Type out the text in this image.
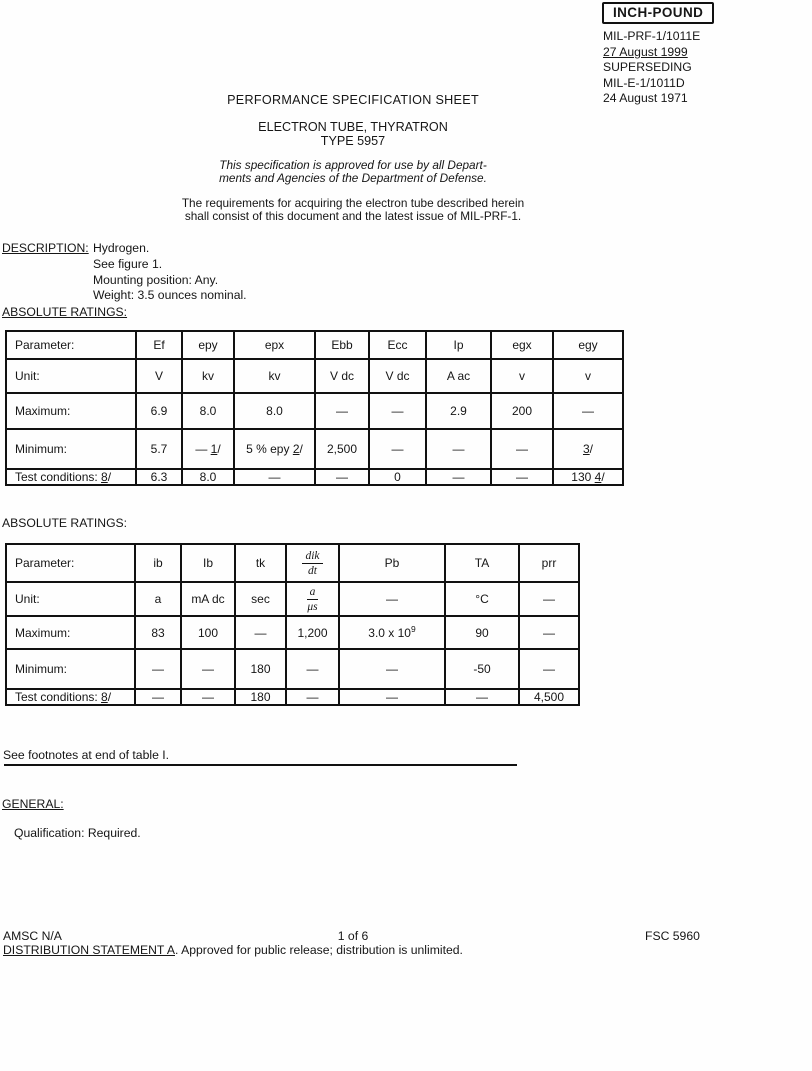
INCH-POUND
MIL-PRF-1/1011E
27 August 1999
SUPERSEDING
MIL-E-1/1011D
24 August 1971
PERFORMANCE SPECIFICATION SHEET
ELECTRON TUBE, THYRATRON
TYPE 5957
This specification is approved for use by all Depart-
ments and Agencies of the Department of Defense.
The requirements for acquiring the electron tube described herein
shall consist of this document and the latest issue of MIL-PRF-1.
DESCRIPTION: Hydrogen.
See figure 1.
Mounting position: Any.
Weight: 3.5 ounces nominal.
ABSOLUTE RATINGS:
Parameter:	Ef	epy	epx	Ebb	Ecc	Ip	egx	egy
Unit:	V	kv	kv	V dc	V dc	A ac	v	v
Maximum:	6.9	8.0	8.0	—	—	2.9	200	—
Minimum:	5.7	— 1/	5 % epy 2/	2,500	—	—	—	3/
Test conditions: 8/	6.3	8.0	—	—	0	—	—	130 4/
ABSOLUTE RATINGS:
Parameter:	ib	Ib	tk	$\frac{\text{dik}}{dt}$	Pb	TA	prr
Unit:	a	mA dc	sec	$\frac{a}{\mu s}$	—	°C	—
Maximum:	83	100	—	1,200	3.0 x $10^9$	90	—
Minimum:	—	—	180	—	—	-50	—
Test conditions: 8/	—	—	180	—	—	—	4,500
See footnotes at end of table I.
GENERAL:
Qualification: Required.
AMSC N/A	1 of 6	FSC 5960
DISTRIBUTION STATEMENT A. Approved for public release; distribution is unlimited.
